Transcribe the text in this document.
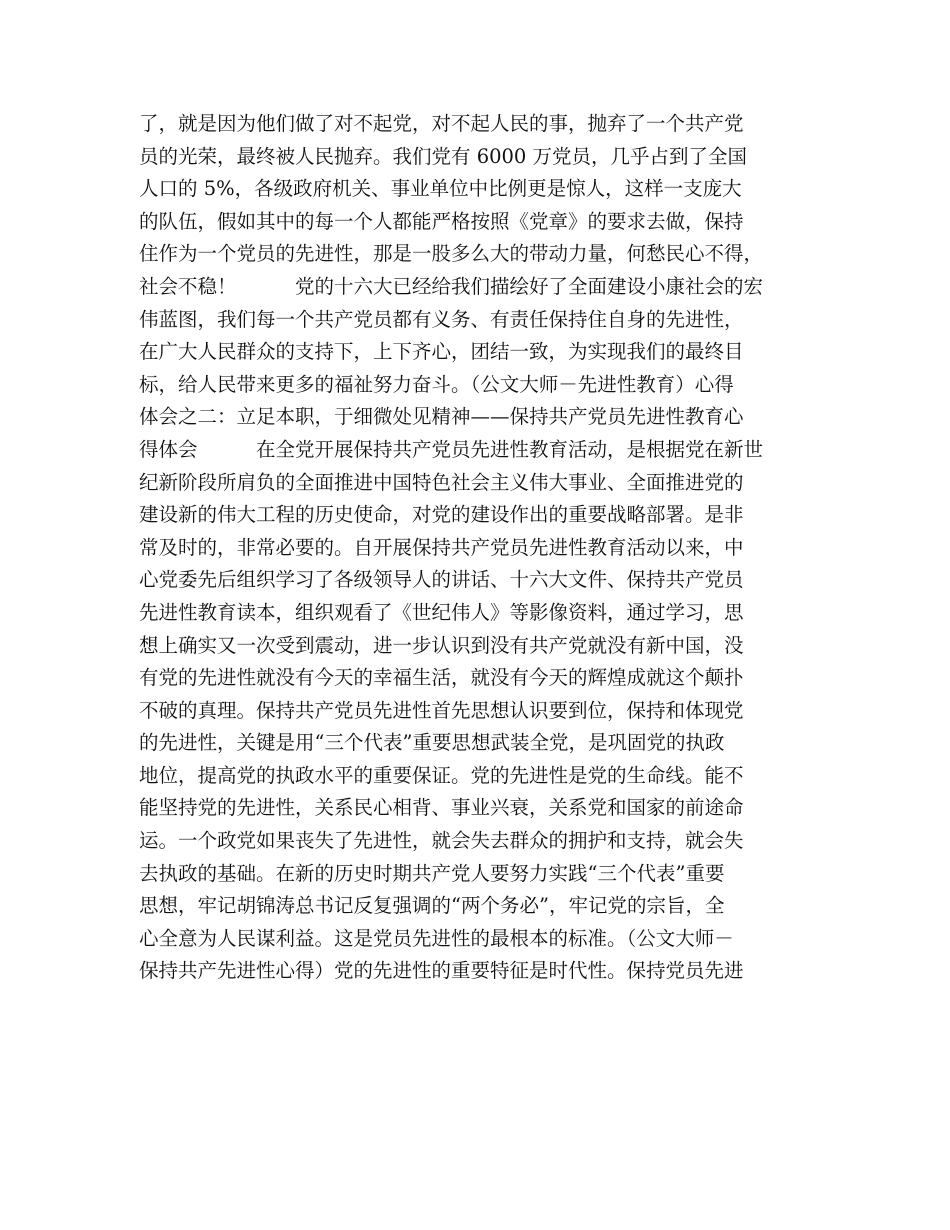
了，就是因为他们做了对不起党，对不起人民的事，抛弃了一个共产党
员的光荣，最终被人民抛弃。我们党有 6000 万党员，几乎占到了全国
人口的 5%，各级政府机关、事业单位中比例更是惊人，这样一支庞大
的队伍，假如其中的每一个人都能严格按照《党章》的要求去做，保持
住作为一个党员的先进性，那是一股多么大的带动力量，何愁民心不得，
社会不稳！　　　党的十六大已经给我们描绘好了全面建设小康社会的宏
伟蓝图，我们每一个共产党员都有义务、有责任保持住自身的先进性，
在广大人民群众的支持下，上下齐心，团结一致，为实现我们的最终目
标，给人民带来更多的福祉努力奋斗。（公文大师－先进性教育）心得
体会之二：立足本职，于细微处见精神——保持共产党员先进性教育心
得体会　　　在全党开展保持共产党员先进性教育活动，是根据党在新世
纪新阶段所肩负的全面推进中国特色社会主义伟大事业、全面推进党的
建设新的伟大工程的历史使命，对党的建设作出的重要战略部署。是非
常及时的，非常必要的。自开展保持共产党员先进性教育活动以来，中
心党委先后组织学习了各级领导人的讲话、十六大文件、保持共产党员
先进性教育读本，组织观看了《世纪伟人》等影像资料，通过学习，思
想上确实又一次受到震动，进一步认识到没有共产党就没有新中国，没
有党的先进性就没有今天的幸福生活，就没有今天的辉煌成就这个颠扑
不破的真理。保持共产党员先进性首先思想认识要到位，保持和体现党
的先进性，关键是用“三个代表”重要思想武装全党，是巩固党的执政
地位，提高党的执政水平的重要保证。党的先进性是党的生命线。能不
能坚持党的先进性，关系民心相背、事业兴衰，关系党和国家的前途命
运。一个政党如果丧失了先进性，就会失去群众的拥护和支持，就会失
去执政的基础。在新的历史时期共产党人要努力实践“三个代表”重要
思想，牢记胡锦涛总书记反复强调的“两个务必”，牢记党的宗旨，全
心全意为人民谋利益。这是党员先进性的最根本的标准。（公文大师－
保持共产先进性心得）党的先进性的重要特征是时代性。保持党员先进
